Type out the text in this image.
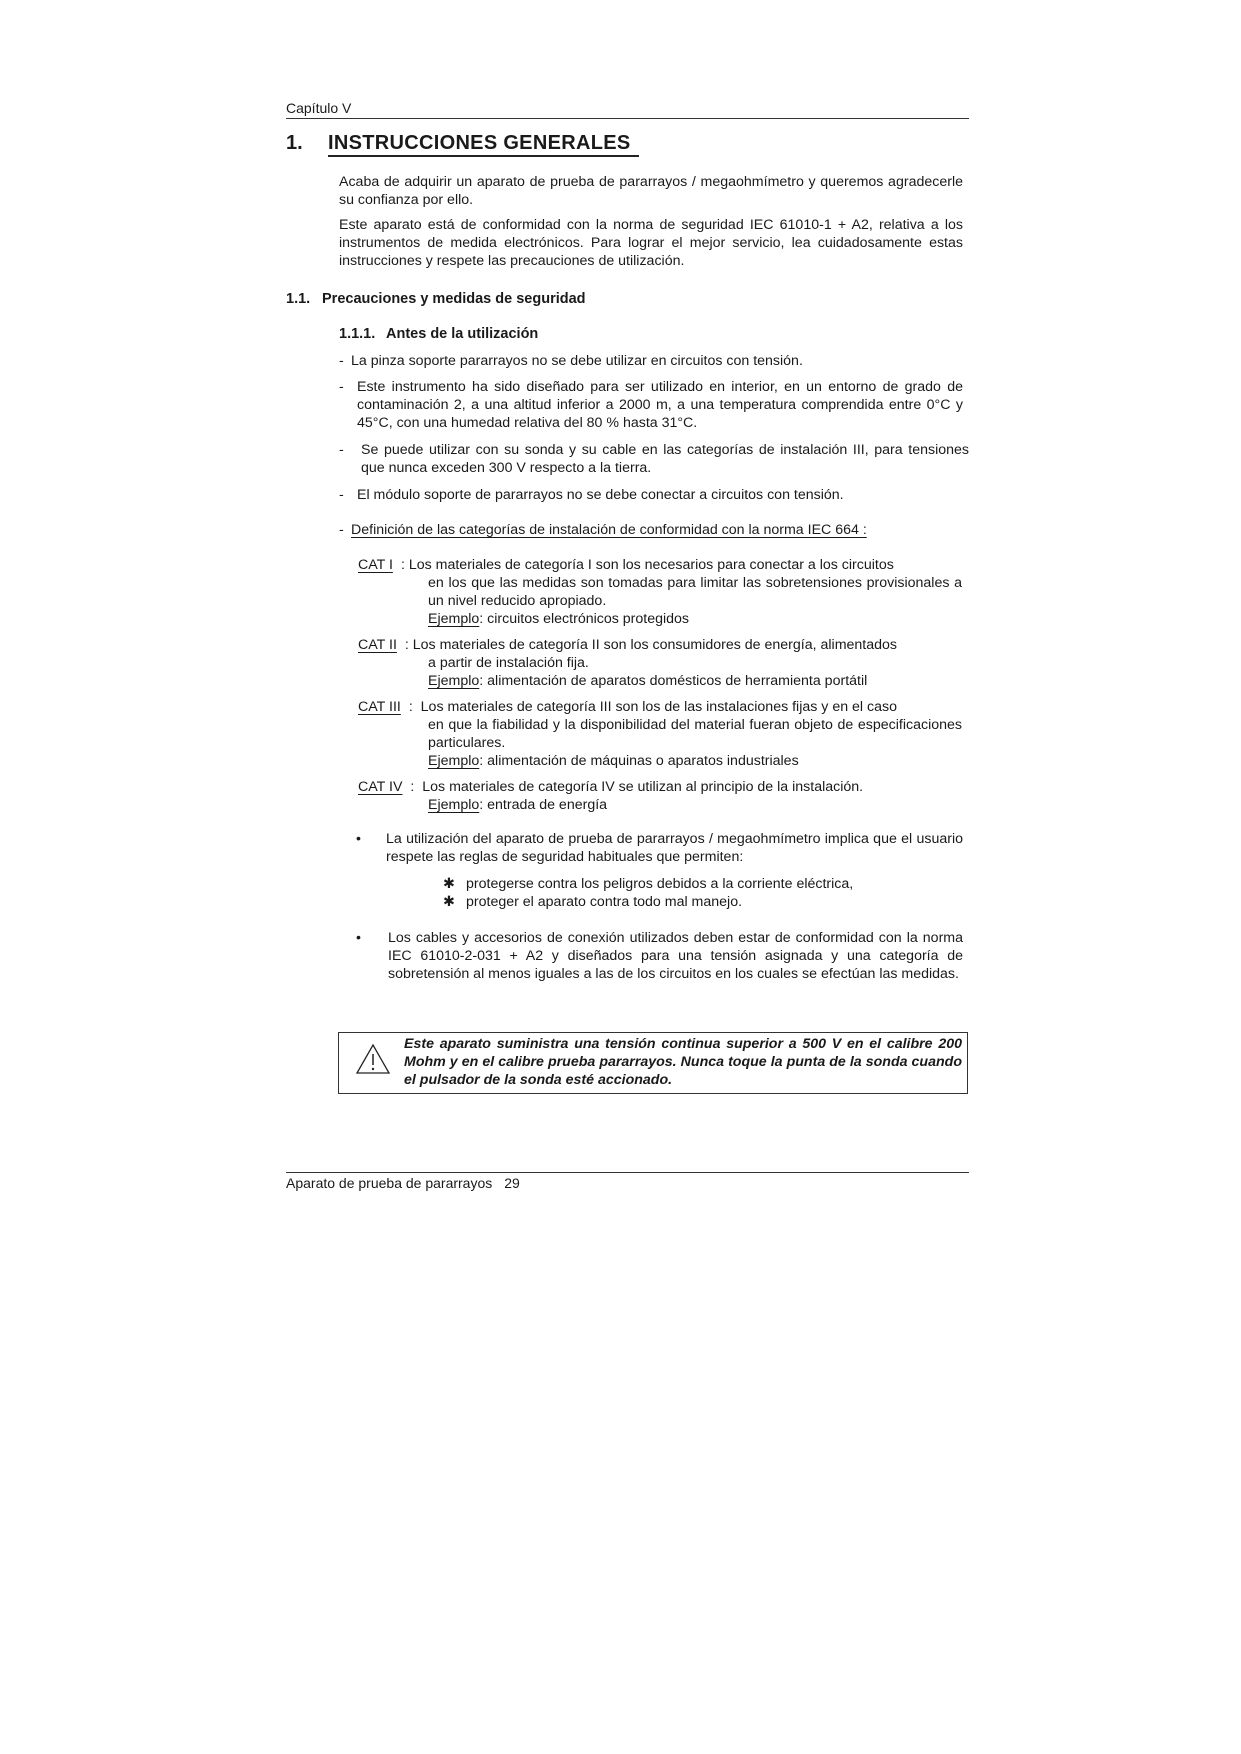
Capítulo V
1.	INSTRUCCIONES GENERALES
Acaba de adquirir un aparato de prueba de pararrayos / megaohmímetro y queremos agradecerle su confianza por ello.
Este aparato está de conformidad con la norma de seguridad IEC 61010-1 + A2, relativa a los instrumentos de medida electrónicos. Para lograr el mejor servicio, lea cuidadosamente estas instrucciones y respete las precauciones de utilización.
1.1. Precauciones y medidas de seguridad
1.1.1. Antes de la utilización
- La pinza soporte pararrayos no se debe utilizar en circuitos con tensión.
- Este instrumento ha sido diseñado para ser utilizado en interior, en un entorno de grado de contaminación 2, a una altitud inferior a 2000 m, a una temperatura comprendida entre 0°C y 45°C, con una humedad relativa del 80 % hasta 31°C.
-	Se puede utilizar con su sonda y su cable en las categorías de instalación III, para tensiones que nunca exceden 300 V respecto a la tierra.
- El módulo soporte de pararrayos no se debe conectar a circuitos con tensión.
- Definición de las categorías de instalación de conformidad con la norma IEC 664 :
CAT I : Los materiales de categoría I son los necesarios para conectar a los circuitos
en los que las medidas son tomadas para limitar las sobretensiones provisionales a un nivel reducido apropiado.
Ejemplo: circuitos electrónicos protegidos
CAT II : Los materiales de categoría II son los consumidores de energía, alimentados
a partir de instalación fija.
Ejemplo: alimentación de aparatos domésticos de herramienta portátil
CAT III : Los materiales de categoría III son los de las instalaciones fijas y en el caso
en que la fiabilidad y la disponibilidad del material fueran objeto de especificaciones particulares.
Ejemplo: alimentación de máquinas o aparatos industriales
CAT IV : Los materiales de categoría IV se utilizan al principio de la instalación.
Ejemplo: entrada de energía
•	La utilización del aparato de prueba de pararrayos / megaohmímetro implica que el usuario respete las reglas de seguridad habituales que permiten:
✱ protegerse contra los peligros debidos a la corriente eléctrica,
✱ proteger el aparato contra todo mal manejo.
•	Los cables y accesorios de conexión utilizados deben estar de conformidad con la norma IEC 61010-2-031 + A2 y diseñados para una tensión asignada y una categoría de sobretensión al menos iguales a las de los circuitos en los cuales se efectúan las medidas.
Este aparato suministra una tensión continua superior a 500 V en el calibre 200 Mohm y en el calibre prueba pararrayos. Nunca toque la punta de la sonda cuando el pulsador de la sonda esté accionado.
Aparato de prueba de pararrayos 29
